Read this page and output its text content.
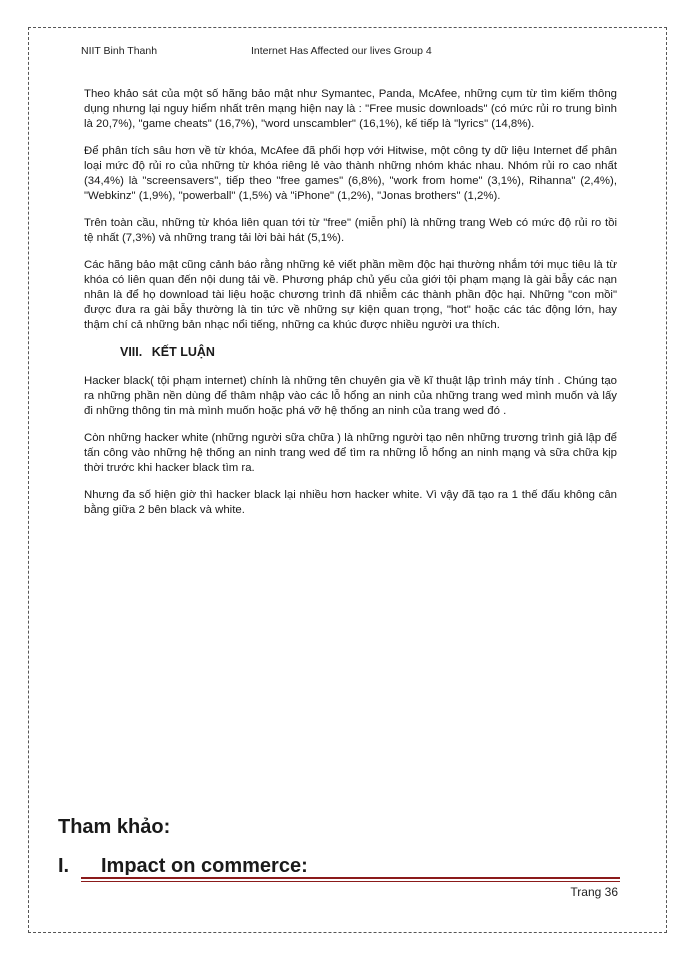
NIIT Binh Thanh	Internet Has Affected our lives Group 4

Theo khảo sát của một số hãng bảo mật như Symantec, Panda, McAfee, những cụm từ tìm kiếm thông dụng nhưng lại nguy hiểm nhất trên mạng hiện nay là : "Free music downloads" (có mức rủi ro trung bình là 20,7%), "game cheats" (16,7%), "word unscambler" (16,1%), kế tiếp là "lyrics" (14,8%).

Để phân tích sâu hơn về từ khóa, McAfee đã phối hợp với Hitwise, một công ty dữ liệu Internet để phân loại mức độ rủi ro của những từ khóa riêng lẻ vào thành những nhóm khác nhau. Nhóm rủi ro cao nhất (34,4%) là "screensavers", tiếp theo "free games" (6,8%), "work from home" (3,1%), Rihanna" (2,4%), "Webkinz" (1,9%), "powerball" (1,5%) và "iPhone" (1,2%), "Jonas brothers" (1,2%).

Trên toàn cầu, những từ khóa liên quan tới từ "free" (miễn phí) là những trang Web có mức độ rủi ro tồi tệ nhất (7,3%) và những trang tải lời bài hát (5,1%).

Các hãng bảo mật cũng cảnh báo rằng những kẻ viết phần mềm độc hại thường nhắm tới mục tiêu là từ khóa có liên quan đến nội dung tải về. Phương pháp chủ yếu của giới tội phạm mạng là gài bẫy các nạn nhân là để họ download tài liệu hoặc chương trình đã nhiễm các thành phần độc hại. Những "con mồi" được đưa ra gài bẫy thường là tin tức về những sự kiện quan trọng, "hot" hoặc các tác động lớn, hay thậm chí cả những bản nhạc nổi tiếng, những ca khúc được nhiều người ưa thích.

VIII. KẾT LUẬN

Hacker black( tội phạm internet) chính là những tên chuyên gia về kĩ thuật lập trình máy tính . Chúng tạo ra những phần nền dùng để thâm nhập vào các lỗ hổng an ninh của những trang wed mình muốn và lấy đi những thông tin mà mình muốn hoặc phá vỡ hệ thống an ninh của trang wed đó .

Còn những hacker white (những người sữa chữa ) là những người tạo nên những trương trình giả lập để tấn công vào những hệ thống an ninh trang wed để tìm ra những lỗ hổng an ninh mạng và sữa chữa kịp thời trước khi hacker black tìm ra.

Nhưng đa số hiện giờ thì hacker black lại nhiều hơn hacker white. Vì vậy đã tạo ra 1 thế đấu không cân bằng giữa 2 bên black và white.

Tham khảo:
I. Impact on commerce:
Trang 36
